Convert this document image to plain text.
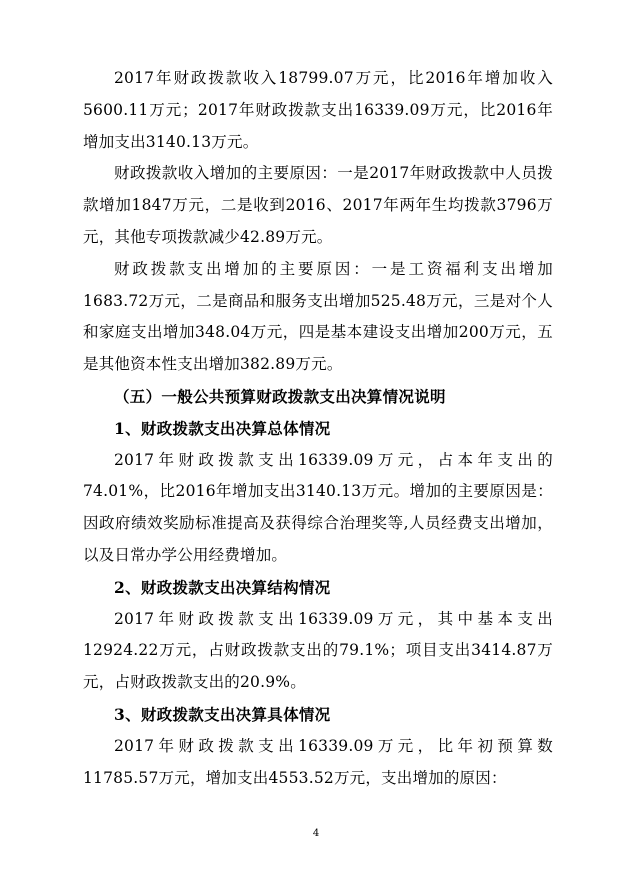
2017年财政拨款收入18799.07万元，比2016年增加收入5600.11万元；2017年财政拨款支出16339.09万元，比2016年增加支出3140.13万元。

财政拨款收入增加的主要原因：一是2017年财政拨款中人员拨款增加1847万元，二是收到2016、2017年两年生均拨款3796万元，其他专项拨款减少42.89万元。

财政拨款支出增加的主要原因：一是工资福利支出增加1683.72万元，二是商品和服务支出增加525.48万元，三是对个人和家庭支出增加348.04万元，四是基本建设支出增加200万元，五是其他资本性支出增加382.89万元。

（五）一般公共预算财政拨款支出决算情况说明

1、财政拨款支出决算总体情况

2017年财政拨款支出16339.09万元，占本年支出的74.01%，比2016年增加支出3140.13万元。增加的主要原因是：因政府绩效奖励标准提高及获得综合治理奖等,人员经费支出增加，以及日常办学公用经费增加。

2、财政拨款支出决算结构情况

2017年财政拨款支出16339.09万元，其中基本支出12924.22万元，占财政拨款支出的79.1%；项目支出3414.87万元，占财政拨款支出的20.9%。

3、财政拨款支出决算具体情况

2017年财政拨款支出16339.09万元，比年初预算数11785.57万元，增加支出4553.52万元，支出增加的原因：

4
